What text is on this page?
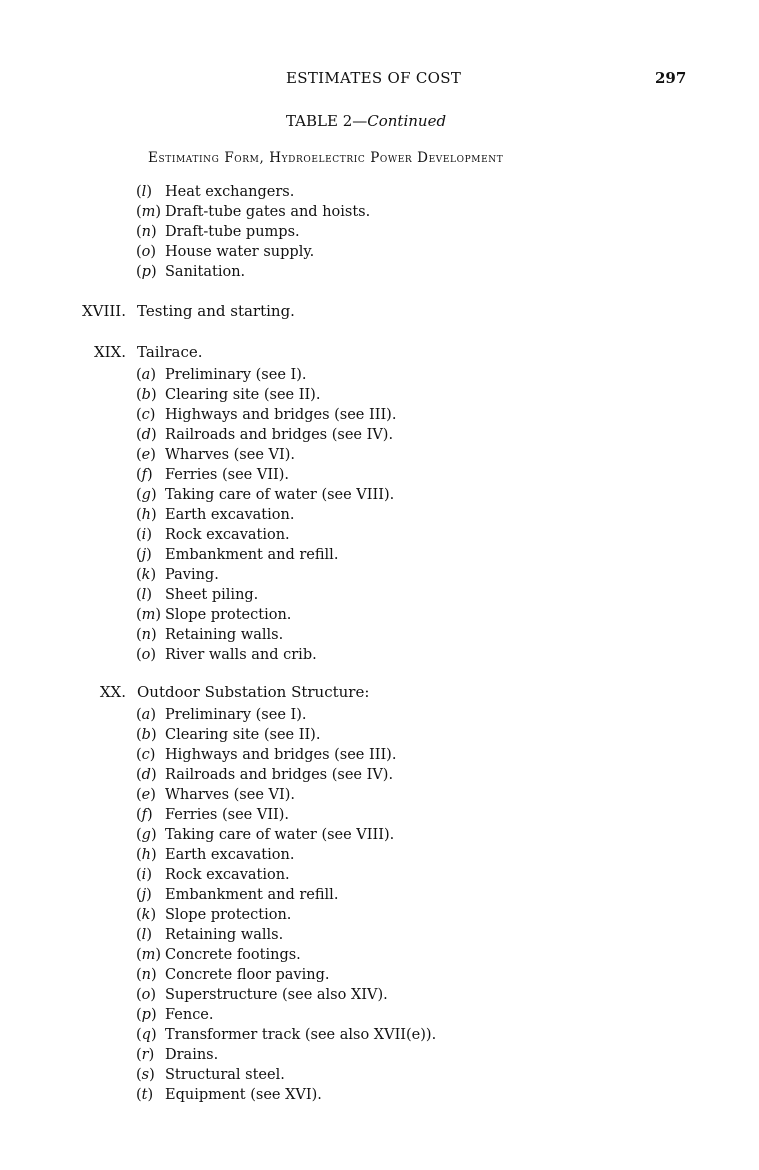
ESTIMATES OF COST	297
TABLE 2—Continued
Estimating Form, Hydroelectric Power Development
(l) Heat exchangers.
(m) Draft-tube gates and hoists.
(n) Draft-tube pumps.
(o) House water supply.
(p) Sanitation.
XVIII. Testing and starting.
XIX. Tailrace.
(a) Preliminary (see I).
(b) Clearing site (see II).
(c) Highways and bridges (see III).
(d) Railroads and bridges (see IV).
(e) Wharves (see VI).
(f) Ferries (see VII).
(g) Taking care of water (see VIII).
(h) Earth excavation.
(i) Rock excavation.
(j) Embankment and refill.
(k) Paving.
(l) Sheet piling.
(m) Slope protection.
(n) Retaining walls.
(o) River walls and crib.
XX. Outdoor Substation Structure:
(a) Preliminary (see I).
(b) Clearing site (see II).
(c) Highways and bridges (see III).
(d) Railroads and bridges (see IV).
(e) Wharves (see VI).
(f) Ferries (see VII).
(g) Taking care of water (see VIII).
(h) Earth excavation.
(i) Rock excavation.
(j) Embankment and refill.
(k) Slope protection.
(l) Retaining walls.
(m) Concrete footings.
(n) Concrete floor paving.
(o) Superstructure (see also XIV).
(p) Fence.
(q) Transformer track (see also XVII(e)).
(r) Drains.
(s) Structural steel.
(t) Equipment (see XVI).
